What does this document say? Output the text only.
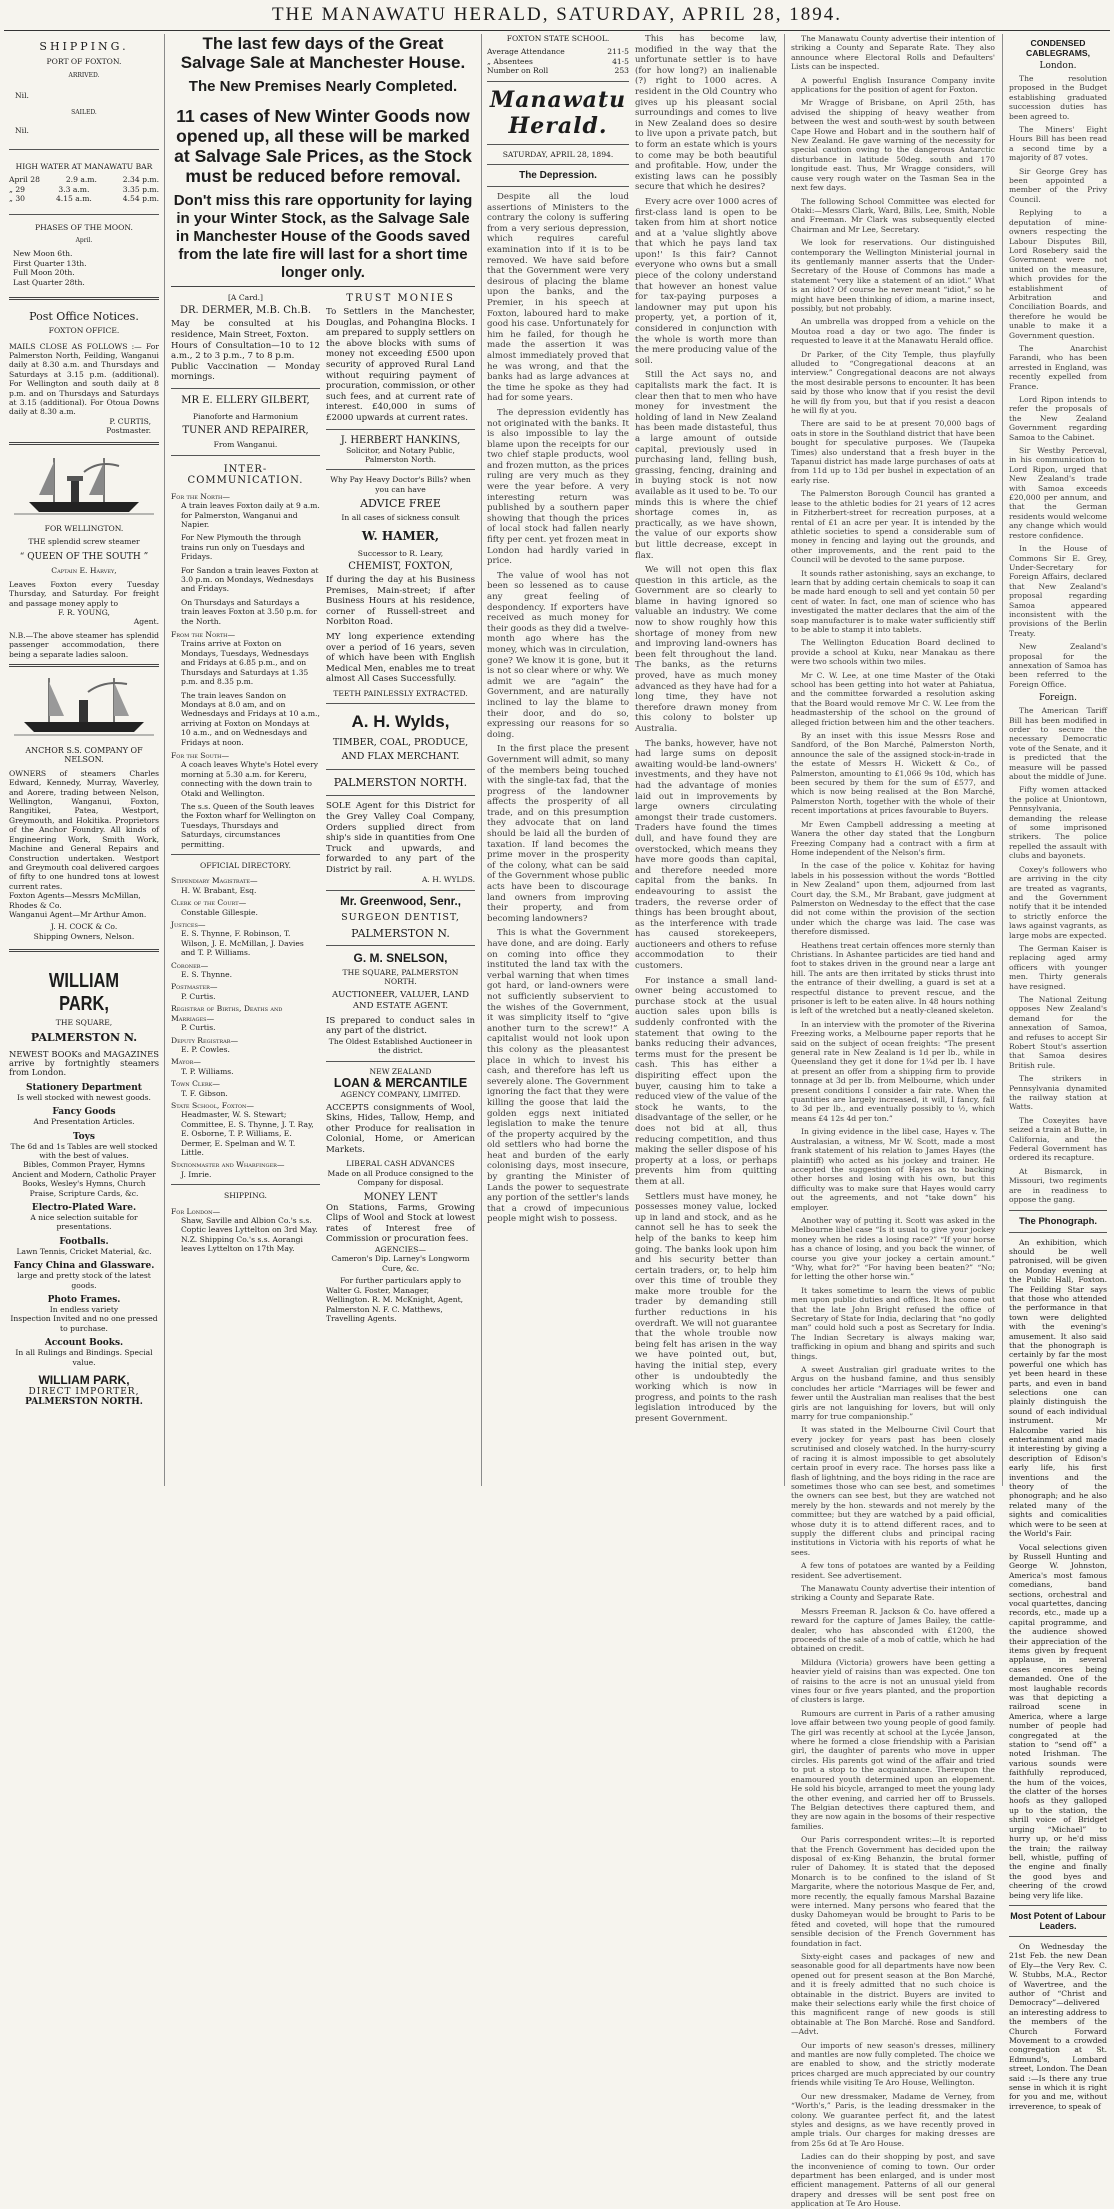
THE MANAWATU HERALD, SATURDAY, APRIL 28, 1894.
SHIPPING.
PORT OF FOXTON.
ARRIVED.
Nil.
SAILED.
Nil.
HIGH WATER AT MANAWATU BAR
April 28	2.9 a.m.	2.34 p.m.
„ 29	3.3 a.m.	3.35 p.m.
„ 30	4.15 a.m.	4.54 p.m.
PHASES OF THE MOON.
April.
New Moon 6th.
First Quarter 13th.
Full Moon 20th.
Last Quarter 28th.
Post Office Notices.
FOXTON OFFICE.
MAILS CLOSE AS FOLLOWS :— For Palmerston North, Feilding, Wanganui daily at 8.30 a.m. and Thursdays and Saturdays at 3.15 p.m. (additional). For Wellington and south daily at 8 p.m. and on Thursdays and Saturdays at 3.15 (additional). For Otoua Downs daily at 8.30 a.m.
P. CURTIS,
Postmaster.
FOR WELLINGTON.
THE splendid screw steamer
“ QUEEN OF THE SOUTH ”
Captain E. Harvey,
Leaves Foxton every Tuesday Thursday, and Saturday. For freight and passage money apply to
F. R. YOUNG,
Agent.
N.B.—The above steamer has splendid passenger accommodation, there being a separate ladies saloon.
ANCHOR S.S. COMPANY OF NELSON.
OWNERS of steamers Charles Edward, Kennedy, Murray, Waverley, and Aorere, trading between Nelson, Wellington, Wanganui, Foxton, Rangitikei, Patea, Westport, Greymouth, and Hokitika. Proprietors of the Anchor Foundry. All kinds of Engineering Work, Smith Work, Machine and General Repairs and Construction undertaken. Westport and Greymouth coal delivered cargoes of fifty to one hundred tons at lowest current rates.
Foxton Agents—Messrs McMillan, Rhodes & Co.
Wanganui Agent—Mr Arthur Amon.
J. H. COCK & Co.
Shipping Owners, Nelson.
WILLIAM PARK,
THE SQUARE,
PALMERSTON N.
NEWEST BOOKs and MAGAZINES arrive by fortnightly steamers from London.
Stationery Department
Is well stocked with newest goods.
Fancy Goods
And Presentation Articles.
Toys
The 6d and 1s Tables are well stocked with the best of values.
Bibles, Common Prayer, Hymns Ancient and Modern, Catholic Prayer Books, Wesley's Hymns, Church Praise, Scripture Cards, &c.
Electro-Plated Ware.
A nice selection suitable for presentations.
Footballs.
Lawn Tennis, Cricket Material, &c.
Fancy China and Glassware.
large and pretty stock of the latest goods.
Photo Frames.
In endless variety
Inspection Invited and no one pressed to purchase.
Account Books.
In all Rulings and Bindings. Special value.
WILLIAM PARK,
DIRECT IMPORTER,
PALMERSTON NORTH.
The last few days of the Great Salvage Sale at Manchester House.
The New Premises Nearly Completed.
11 cases of New Winter Goods now opened up, all these will be marked at Salvage Sale Prices, as the Stock must be reduced before removal.
Don't miss this rare opportunity for laying in your Winter Stock, as the Salvage Sale in Manchester House of the Goods saved from the late fire will last for a short time longer only.
[A Card.]
DR. DERMER, M.B. Ch.B.
May be consulted at his residence, Main Street, Foxton.
Hours of Consultation—10 to 12 a.m., 2 to 3 p.m., 7 to 8 p.m.
Public Vaccination — Monday mornings.
MR E. ELLERY GILBERT,
Pianoforte and Harmonium
TUNER AND REPAIRER,
From Wanganui.
INTER-COMMUNICATION.
For the North—

A train leaves Foxton daily at 9 a.m. for Palmerston, Wanganui and Napier.

For New Plymouth the through trains run only on Tuesdays and Fridays.

For Sandon a train leaves Foxton at 3.0 p.m. on Mondays, Wednesdays and Fridays.

On Thursdays and Saturdays a train leaves Foxton at 3.50 p.m. for the North.

From the North—

Trains arrive at Foxton on Mondays, Tuesdays, Wednesdays and Fridays at 6.85 p.m., and on Thursdays and Saturdays at 1.35 p.m. and 8.35 p.m.

The train leaves Sandon on Mondays at 8.0 am, and on Wednesdays and Fridays at 10 a.m., arriving at Foxton on Mondays at 10 a.m., and on Wednesdays and Fridays at noon.

For the South—

A coach leaves Whyte's Hotel every morning at 5.30 a.m. for Kereru, connecting with the down train to Otaki and Wellington.

The s.s. Queen of the South leaves the Foxton wharf for Wellington on Tuesdays, Thursdays and Saturdays, circumstances permitting.

OFFICIAL DIRECTORY.
Stipendiary Magistrate—
H. W. Brabant, Esq.
Clerk of the Court—
Constable Gillespie.
Justices—
E. S. Thynne, F. Robinson, T. Wilson, J. E. McMillan, J. Davies and T. P. Williams.
Coroner—
E. S. Thynne.
Postmaster—
P. Curtis.
Registrar of Births, Deaths and Marriages—
P. Curtis.
Deputy Registrar—
E. P. Cowles.
Mayor—
T. P. Williams.
Town Clerk—
T. F. Gibson.
State School, Foxton—
Headmaster, W. S. Stewart; Committee, E. S. Thynne, J. T. Ray, E. Osborne, T. P. Williams, E. Dermer, E. Spelman and W. T. Little.
Stationmaster and Wharfinger—
J. Imrie.
SHIPPING.
For London—
Shaw, Saville and Albion Co.'s s.s. Coptic leaves Lyttelton on 3rd May. N.Z. Shipping Co.'s s.s. Aorangi leaves Lyttelton on 17th May.
TRUST MONIES
To Settlers in the Manchester, Douglas, and Pohangina Blocks. I am prepared to supply settlers on the above blocks with sums of money not exceeding £500 upon security of approved Rural Land without requiring payment of procuration, commission, or other such fees, and at current rate of interest. £40,000 in sums of £2000 upwards at current rates.
J. HERBERT HANKINS,
Solicitor, and Notary Public,
Palmerston North.
Why Pay Heavy Doctor's Bills? when you can have
ADVICE FREE
In all cases of sickness consult
W. HAMER,
Successor to R. Leary,
CHEMIST, FOXTON,
If during the day at his Business Premises, Main-street; if after Business Hours at his residence, corner of Russell-street and Norbiton Road.
MY long experience extending over a period of 16 years, seven of which have been with English Medical Men, enables me to treat almost All Cases Successfully.
TEETH PAINLESSLY EXTRACTED.
A. H. Wylds,
TIMBER, COAL, PRODUCE, AND FLAX MERCHANT.
PALMERSTON NORTH.
SOLE Agent for this District for the Grey Valley Coal Company, Orders supplied direct from ship's side in quantities from One Truck and upwards, and forwarded to any part of the District by rail.
A. H. WYLDS.
Mr. Greenwood, Senr.,
SURGEON DENTIST,
PALMERSTON N.
G. M. SNELSON,
THE SQUARE, PALMERSTON NORTH.
AUCTIONEER, VALUER, LAND AND ESTATE AGENT.
IS prepared to conduct sales in any part of the district.
The Oldest Established Auctioneer in the district.
NEW ZEALAND
LOAN & MERCANTILE
AGENCY COMPANY, LIMITED.
ACCEPTS consignments of Wool, Skins, Hides, Tallow, Hemp, and other Produce for realisation in Colonial, Home, or American Markets.
LIBERAL CASH ADVANCES
Made on all Produce consigned to the Company for disposal.
MONEY LENT
On Stations, Farms, Growing Clips of Wool and Stock at lowest rates of Interest free of Commission or procuration fees.
AGENCIES—
Cameron's Dip. Larney's Longworm Cure, &c.
For further particulars apply to
Walter G. Foster, Manager, Wellington. R. M. McKnight, Agent, Palmerston N. F. C. Matthews, Travelling Agents.
FOXTON STATE SCHOOL.
Average Attendance	211·5
„ Absentees	41·5
Number on Roll	253
Manawatu Herald.
SATURDAY, APRIL 28, 1894.
The Depression.

Despite all the loud assertions of Ministers to the contrary the colony is suffering from a very serious depression, which requires careful examination into if it is to be removed. We have said before that the Government were very desirous of placing the blame upon the banks, and the Premier, in his speech at Foxton, laboured hard to make good his case. Unfortunately for him he failed, for though he made the assertion it was almost immediately proved that he was wrong, and that the banks had as large advances at the time he spoke as they had had for some years.

The depression evidently has not originated with the banks. It is also impossible to lay the blame upon the receipts for our two chief staple products, wool and frozen mutton, as the prices ruling are very much as they were the year before. A very interesting return was published by a southern paper showing that though the prices of local stock had fallen nearly fifty per cent. yet frozen meat in London had hardly varied in price.

The value of wool has not been so lessened as to cause any great feeling of despondency. If exporters have received as much money for their goods as they did a twelve-month ago where has the money, which was in circulation, gone? We know it is gone, but it is not so clear where or why. We admit we are “again” the Government, and are naturally inclined to lay the blame to their door, and do so, expressing our reasons for so doing.

In the first place the present Government will admit, so many of the members being touched with the single-tax fad, that the progress of the landowner affects the prosperity of all trade, and on this presumption they advocate that on land should be laid all the burden of taxation. If land becomes the prime mover in the prosperity of the colony, what can be said of the Government whose public acts have been to discourage land owners from improving their property, and from becoming landowners?

This is what the Government have done, and are doing. Early on coming into office they instituted the land tax with the verbal warning that when times got hard, or land-owners were not sufficiently subservient to the wishes of the Government, it was simplicity itself to “give another turn to the screw!” A capitalist would not look upon this colony as the pleasantest place in which to invest his cash, and therefore has left us severely alone. The Government ignoring the fact that they were killing the goose that laid the golden eggs next initiated legislation to make the tenure of the property acquired by the old settlers who had borne the heat and burden of the early colonising days, most insecure, by granting the Minister of Lands the power to sequestrate any portion of the settler's lands that a crowd of impecunious people might wish to possess.

This has become law, modified in the way that the unfortunate settler is to have (for how long?) an inalienable (?) right to 1000 acres. A resident in the Old Country who gives up his pleasant social surroundings and comes to live in New Zealand does so desire to live upon a private patch, but to form an estate which is yours to come may be both beautiful and profitable. How, under the existing laws can he possibly secure that which he desires?

Every acre over 1000 acres of first-class land is open to be taken from him at short notice and at a 'value slightly above that which he pays land tax upon!' Is this fair? Cannot everyone who owns but a small piece of the colony understand that however an honest value for tax-paying purposes a landowner may put upon his property, yet, a portion of it, considered in conjunction with the whole is worth more than the mere producing value of the soil.

Still the Act says no, and capitalists mark the fact. It is clear then that to men who have money for investment the holding of land in New Zealand has been made distasteful, thus a large amount of outside capital, previously used in purchasing land, felling bush, grassing, fencing, draining and in buying stock is not now available as it used to be. To our minds this is where the chief shortage comes in, as practically, as we have shown, the value of our exports show but little decrease, except in flax.

We will not open this flax question in this article, as the Government are so clearly to blame in having ignored so valuable an industry. We come now to show roughly how this shortage of money from new and improving land-owners has been felt throughout the land. The banks, as the returns proved, have as much money advanced as they have had for a long time, they have not therefore drawn money from this colony to bolster up Australia.

The banks, however, have not had large sums on deposit awaiting would-be land-owners' investments, and they have not had the advantage of monies laid out in improvements by large owners circulating amongst their trade customers. Traders have found the times dull, and have found they are overstocked, which means they have more goods than capital, and therefore needed more capital from the banks. In endeavouring to assist the traders, the reverse order of things has been brought about, as the interference with trade has caused storekeepers, auctioneers and others to refuse accommodation to their customers.

For instance a small land-owner being accustomed to purchase stock at the usual auction sales upon bills is suddenly confronted with the statement that owing to the banks reducing their advances, terms must for the present be cash. This has either a dispiriting effect upon the buyer, causing him to take a reduced view of the value of the stock he wants, to the disadvantage of the seller, or he does not bid at all, thus reducing competition, and thus making the seller dispose of his property at a loss, or perhaps prevents him from quitting them at all.

Settlers must have money, he possesses money value, locked up in land and stock, and as he cannot sell he has to seek the help of the banks to keep him going. The banks look upon him and his security better than certain traders, or, to help him over this time of trouble they make more trouble for the trader by demanding still further reductions in his overdraft. We will not guarantee that the whole trouble now being felt has arisen in the way we have pointed out, but, having the initial step, every other is undoubtedly the working which is now in progress, and points to the rash legislation introduced by the present Government.

The Manawatu County advertise their intention of striking a County and Separate Rate. They also announce where Electoral Rolls and Defaulters' Lists can be inspected.

A powerful English Insurance Company invite applications for the position of agent for Foxton.

Mr Wragge of Brisbane, on April 25th, has advised the shipping of heavy weather from between the west and south-west by south between Cape Howe and Hobart and in the southern half of New Zealand. He gave warning of the necessity for special caution owing to the dangerous Antarctic disturbance in latitude 50deg. south and 170 longitude east. Thus, Mr Wragge considers, will cause very rough water on the Tasman Sea in the next few days.

The following School Committee was elected for Otaki:—Messrs Clark, Ward, Bills, Lee, Smith, Noble and Freeman. Mr Clark was subsequently elected Chairman and Mr Lee, Secretary.

We look for reservations. Our distinguished contemporary the Wellington Ministerial journal in its gentlemanly manner asserts that the Under-Secretary of the House of Commons has made a statement “very like a statement of an idiot.” What is an idiot? Of course he never meant “idiot,” so he might have been thinking of idiom, a marine insect, possibly, but not probably.

An umbrella was dropped from a vehicle on the Moutoa road a day or two ago. The finder is requested to leave it at the Manawatu Herald office.

Dr Parker, of the City Temple, thus playfully alluded to “Congregational deacons at an interview.” Congregational deacons are not always the most desirable persons to encounter. It has been said by those who know that if you resist the devil he will fly from you, but that if you resist a deacon he will fly at you.

There are said to be at present 70,000 bags of oats in store in the Southland district that have been bought for speculative purposes. We (Taupeka Times) also understand that a fresh buyer in the Tapanui district has made large purchases of oats at from 11d up to 13d per bushel in expectation of an early rise.

The Palmerston Borough Council has granted a lease to the athletic bodies for 21 years of 12 acres in Fitzherbert-street for recreation purposes, at a rental of £1 an acre per year. It is intended by the athletic societies to spend a considerable sum of money in fencing and laying out the grounds, and other improvements, and the rent paid to the Council will be devoted to the same purpose.

It sounds rather astonishing, says an exchange, to learn that by adding certain chemicals to soap it can be made hard enough to sell and yet contain 50 per cent of water. In fact, one man of science who has investigated the matter declares that the aim of the soap manufacturer is to make water sufficiently stiff to be able to stamp it into tablets.

The Wellington Education Board declined to provide a school at Kuku, near Manakau as there were two schools within two miles.

Mr C. W. Lee, at one time Master of the Otaki school has been getting into hot water at Pahiatua, and the committee forwarded a resolution asking that the Board would remove Mr C. W. Lee from the headmastership of the school on the ground of alleged friction between him and the other teachers.

By an inset with this issue Messrs Rose and Sandford, of the Bon Marché, Palmerston North, announce the sale of the assigned stock-in-trade in the estate of Messrs H. Wickett & Co., of Palmerston, amounting to £1,066 9s 10d, which has been secured by them for the sum of £577, and which is now being realised at the Bon Marché, Palmerston North, together with the whole of their recent importations at prices favourable to Buyers.

Mr Ewen Campbell addressing a meeting at Wanera the other day stated that the Longburn Freezing Company had a contract with a firm at Home independent of the Nelson's firm.

In the case of the police v. Kohitaz for having labels in his possession without the words “Bottled in New Zealand” upon them, adjourned from last Court day, the S.M., Mr Brabant, gave judgment at Palmerston on Wednesday to the effect that the case did not come within the provision of the section under which the charge was laid. The case was therefore dismissed.

Heathens treat certain offences more sternly than Christians. In Ashantee particides are tied hand and foot to stakes driven in the ground near a large ant hill. The ants are then irritated by sticks thrust into the entrance of their dwelling, a guard is set at a respectful distance to prevent rescue, and the prisoner is left to be eaten alive. In 48 hours nothing is left of the wretched but a neatly-cleaned skeleton.

In an interview with the promoter of the Riverina Freezing works, a Melbourne paper reports that he said on the subject of ocean freights: “The present general rate in New Zealand is 1d per lb., while in Queensland they get it done for 1¼d per lb. I have at present an offer from a shipping firm to provide tonnage at 3d per lb. from Melbourne, which under present conditions I consider a fair rate. When the quantities are largely increased, it will, I fancy, fall to 3d per lb., and eventually possibly to ½, which means £4 12s 4d per ton.”

In giving evidence in the libel case, Hayes v. The Australasian, a witness, Mr W. Scott, made a most frank statement of his relation to James Hayes (the plaintiff) who acted as his jockey and trainer. He accepted the suggestion of Hayes as to backing other horses and losing with his own, but this difficulty was to make sure that Hayes would carry out the agreements, and not “take down” his employer.

Another way of putting it. Scott was asked in the Melbourne libel case “Is it usual to give your jockey money when he rides a losing race?” “If your horse has a chance of losing, and you back the winner, of course you give your jockey a certain amount.” “Why, what for?” “For having been beaten?” “No; for letting the other horse win.”

It takes sometime to learn the views of public men upon public duties and offices. It has come out that the late John Bright refused the office of Secretary of State for India, declaring that “no godly man” could hold such a post as Secretary for India. The Indian Secretary is always making war, trafficking in opium and bhang and spirits and such things.

A sweet Australian girl graduate writes to the Argus on the husband famine, and thus sensibly concludes her article “Marriages will be fewer and fewer until the Australian man realises that the best girls are not languishing for lovers, but will only marry for true companionship.”

It was stated in the Melbourne Civil Court that every jockey for years past has been closely scrutinised and closely watched. In the hurry-scurry of racing it is almost impossible to get absolutely certain proof in every race. The horses pass like a flash of lightning, and the boys riding in the race are sometimes those who can see best, and sometimes the owners can see best, but they are watched not merely by the hon. stewards and not merely by the committee; but they are watched by a paid official, whose duty it is to attend different races, and to supply the different clubs and principal racing institutions in Victoria with his reports of what he sees.

A few tons of potatoes are wanted by a Feilding resident. See advertisement.

The Manawatu County advertise their intention of striking a County and Separate Rate.

Messrs Freeman R. Jackson & Co. have offered a reward for the capture of James Bailey, the cattle-dealer, who has absconded with £1200, the proceeds of the sale of a mob of cattle, which he had obtained on credit.

Mildura (Victoria) growers have been getting a heavier yield of raisins than was expected. One ton of raisins to the acre is not an unusual yield from vines four or five years planted, and the proportion of clusters is large.

Rumours are current in Paris of a rather amusing love affair between two young people of good family. The girl was recently at school at the Lycée Janson, where he formed a close friendship with a Parisian girl, the daughter of parents who move in upper circles. His parents got wind of the affair and tried to put a stop to the acquaintance. Thereupon the enamoured youth determined upon an elopement. He sold his bicycle, arranged to meet the young lady the other evening, and carried her off to Brussels. The Belgian detectives there captured them, and they are now again in the bosoms of their respective families.

Our Paris correspondent writes:—It is reported that the French Government has decided upon the disposal of ex-King Behanzin, the brutal former ruler of Dahomey. It is stated that the deposed Monarch is to be confined to the island of St Margarite, where the notorious Masque de Fer, and, more recently, the equally famous Marshal Bazaine were interned. Many persons who feared that the dusky Dahomeyan would be brought to Paris to be fêted and coveted, will hope that the rumoured sensible decision of the French Government has foundation in fact.

Sixty-eight cases and packages of new and seasonable good for all departments have now been opened out for present season at the Bon Marché, and it is freely admitted that no such choice is obtainable in the district. Buyers are invited to make their selections early while the first choice of this magnificent range of new goods is still obtainable at The Bon Marché. Rose and Sandford.—Advt.

Our imports of new season's dresses, millinery and mantles are now fully completed. The choice we are enabled to show, and the strictly moderate prices charged are much appreciated by our country friends while visiting Te Aro House, Wellington.

Our new dressmaker, Madame de Verney, from “Worth's,” Paris, is the leading dressmaker in the colony. We guarantee perfect fit, and the latest styles and designs, as we have recently proved in ample trials. Our charges for making dresses are from 25s 6d at Te Aro House.

Ladies can do their shopping by post, and save the inconvenience of coming to town. Our order department has been enlarged, and is under most efficient management. Patterns of all our general drapery and dresses will be sent post free on application at Te Aro House.

CONDENSED CABLEGRAMS,
London.

The resolution proposed in the Budget establishing graduated succession duties has been agreed to.

The Miners' Eight Hours Bill has been read a second time by a majority of 87 votes.

Sir George Grey has been appointed a member of the Privy Council.

Replying to a deputation of mine-owners respecting the Labour Disputes Bill, Lord Rosebery said the Government were not united on the measure, which provides for the establishment of Arbitration and Conciliation Boards, and therefore he would be unable to make it a Government question.

The Anarchist Farandi, who has been arrested in England, was recently expelled from France.

Lord Ripon intends to refer the proposals of the New Zealand Government regarding Samoa to the Cabinet.

Sir Westby Perceval, in his communication to Lord Ripon, urged that New Zealand's trade with Samoa exceeds £20,000 per annum, and that the German residents would welcome any change which would restore confidence.

In the House of Commons Sir E. Grey, Under-Secretary for Foreign Affairs, declared that New Zealand's proposal regarding Samoa appeared inconsistent with the provisions of the Berlin Treaty.

New Zealand's proposal for the annexation of Samoa has been referred to the Foreign Office.

Foreign.

The American Tariff Bill has been modified in order to secure the necessary Democratic vote of the Senate, and it is predicted that the measure will be passed about the middle of June.

Fifty women attacked the police at Uniontown, Pennsylvania, demanding the release of some imprisoned strikers. The police repelled the assault with clubs and bayonets.

Coxey's followers who are arriving in the city are treated as vagrants, and the Government notify that it be intended to strictly enforce the laws against vagrants, as large mobs are expected.

The German Kaiser is replacing aged army officers with younger men. Thirty generals have resigned.

The National Zeitung opposes New Zealand's demand for the annexation of Samoa, and refuses to accept Sir Robert Stout's assertion that Samoa desires British rule.

The strikers in Pennsylvania dynamited the railway station at Watts.

The Coxeyites have seized a train at Butte, in California, and the Federal Government has ordered its recapture.

At Bismarck, in Missouri, two regiments are in readiness to oppose the gang.

The Phonograph.

An exhibition, which should be well patronised, will be given on Monday evening at the Public Hall, Foxton. The Feilding Star says that those who attended the performance in that town were delighted with the evening's amusement. It also said that the phonograph is certainly by far the most powerful one which has yet been heard in these parts, and even in band selections one can plainly distinguish the sound of each individual instrument. Mr Halcombe varied his entertainment and made it interesting by giving a description of Edison's early life, his first inventions and the theory of the phonograph; and he also related many of the sights and comicalities which were to be seen at the World's Fair.

Vocal selections given by Russell Hunting and George W. Johnston, America's most famous comedians, band sections, orchestral and vocal quartettes, dancing records, etc., made up a capital programme, and the audience showed their appreciation of the items given by frequent applause, in several cases encores being demanded. One of the most laughable records was that depicting a railroad scene in America, where a large number of people had congregated at the station to “send off” a noted Irishman. The various sounds were faithfully reproduced, the hum of the voices, the clatter of the horses hoofs as they galloped up to the station, the shrill voice of Bridget urging “Michael” to hurry up, or he'd miss the train; the railway bell, whistle, puffing of the engine and finally the good byes and cheering of the crowd being very life like.

Most Potent of Labour Leaders.

On Wednesday the 21st Feb. the new Dean of Ely—the Very Rev. C. W. Stubbs, M.A., Rector of Wavertree, and the author of “Christ and Democracy”—delivered an interesting address to the members of the Church Forward Movement to a crowded congregation at St. Edmund's, Lombard street, London. The Dean said :—Is there any true sense in which it is right for you and me, without irreverence, to speak of
